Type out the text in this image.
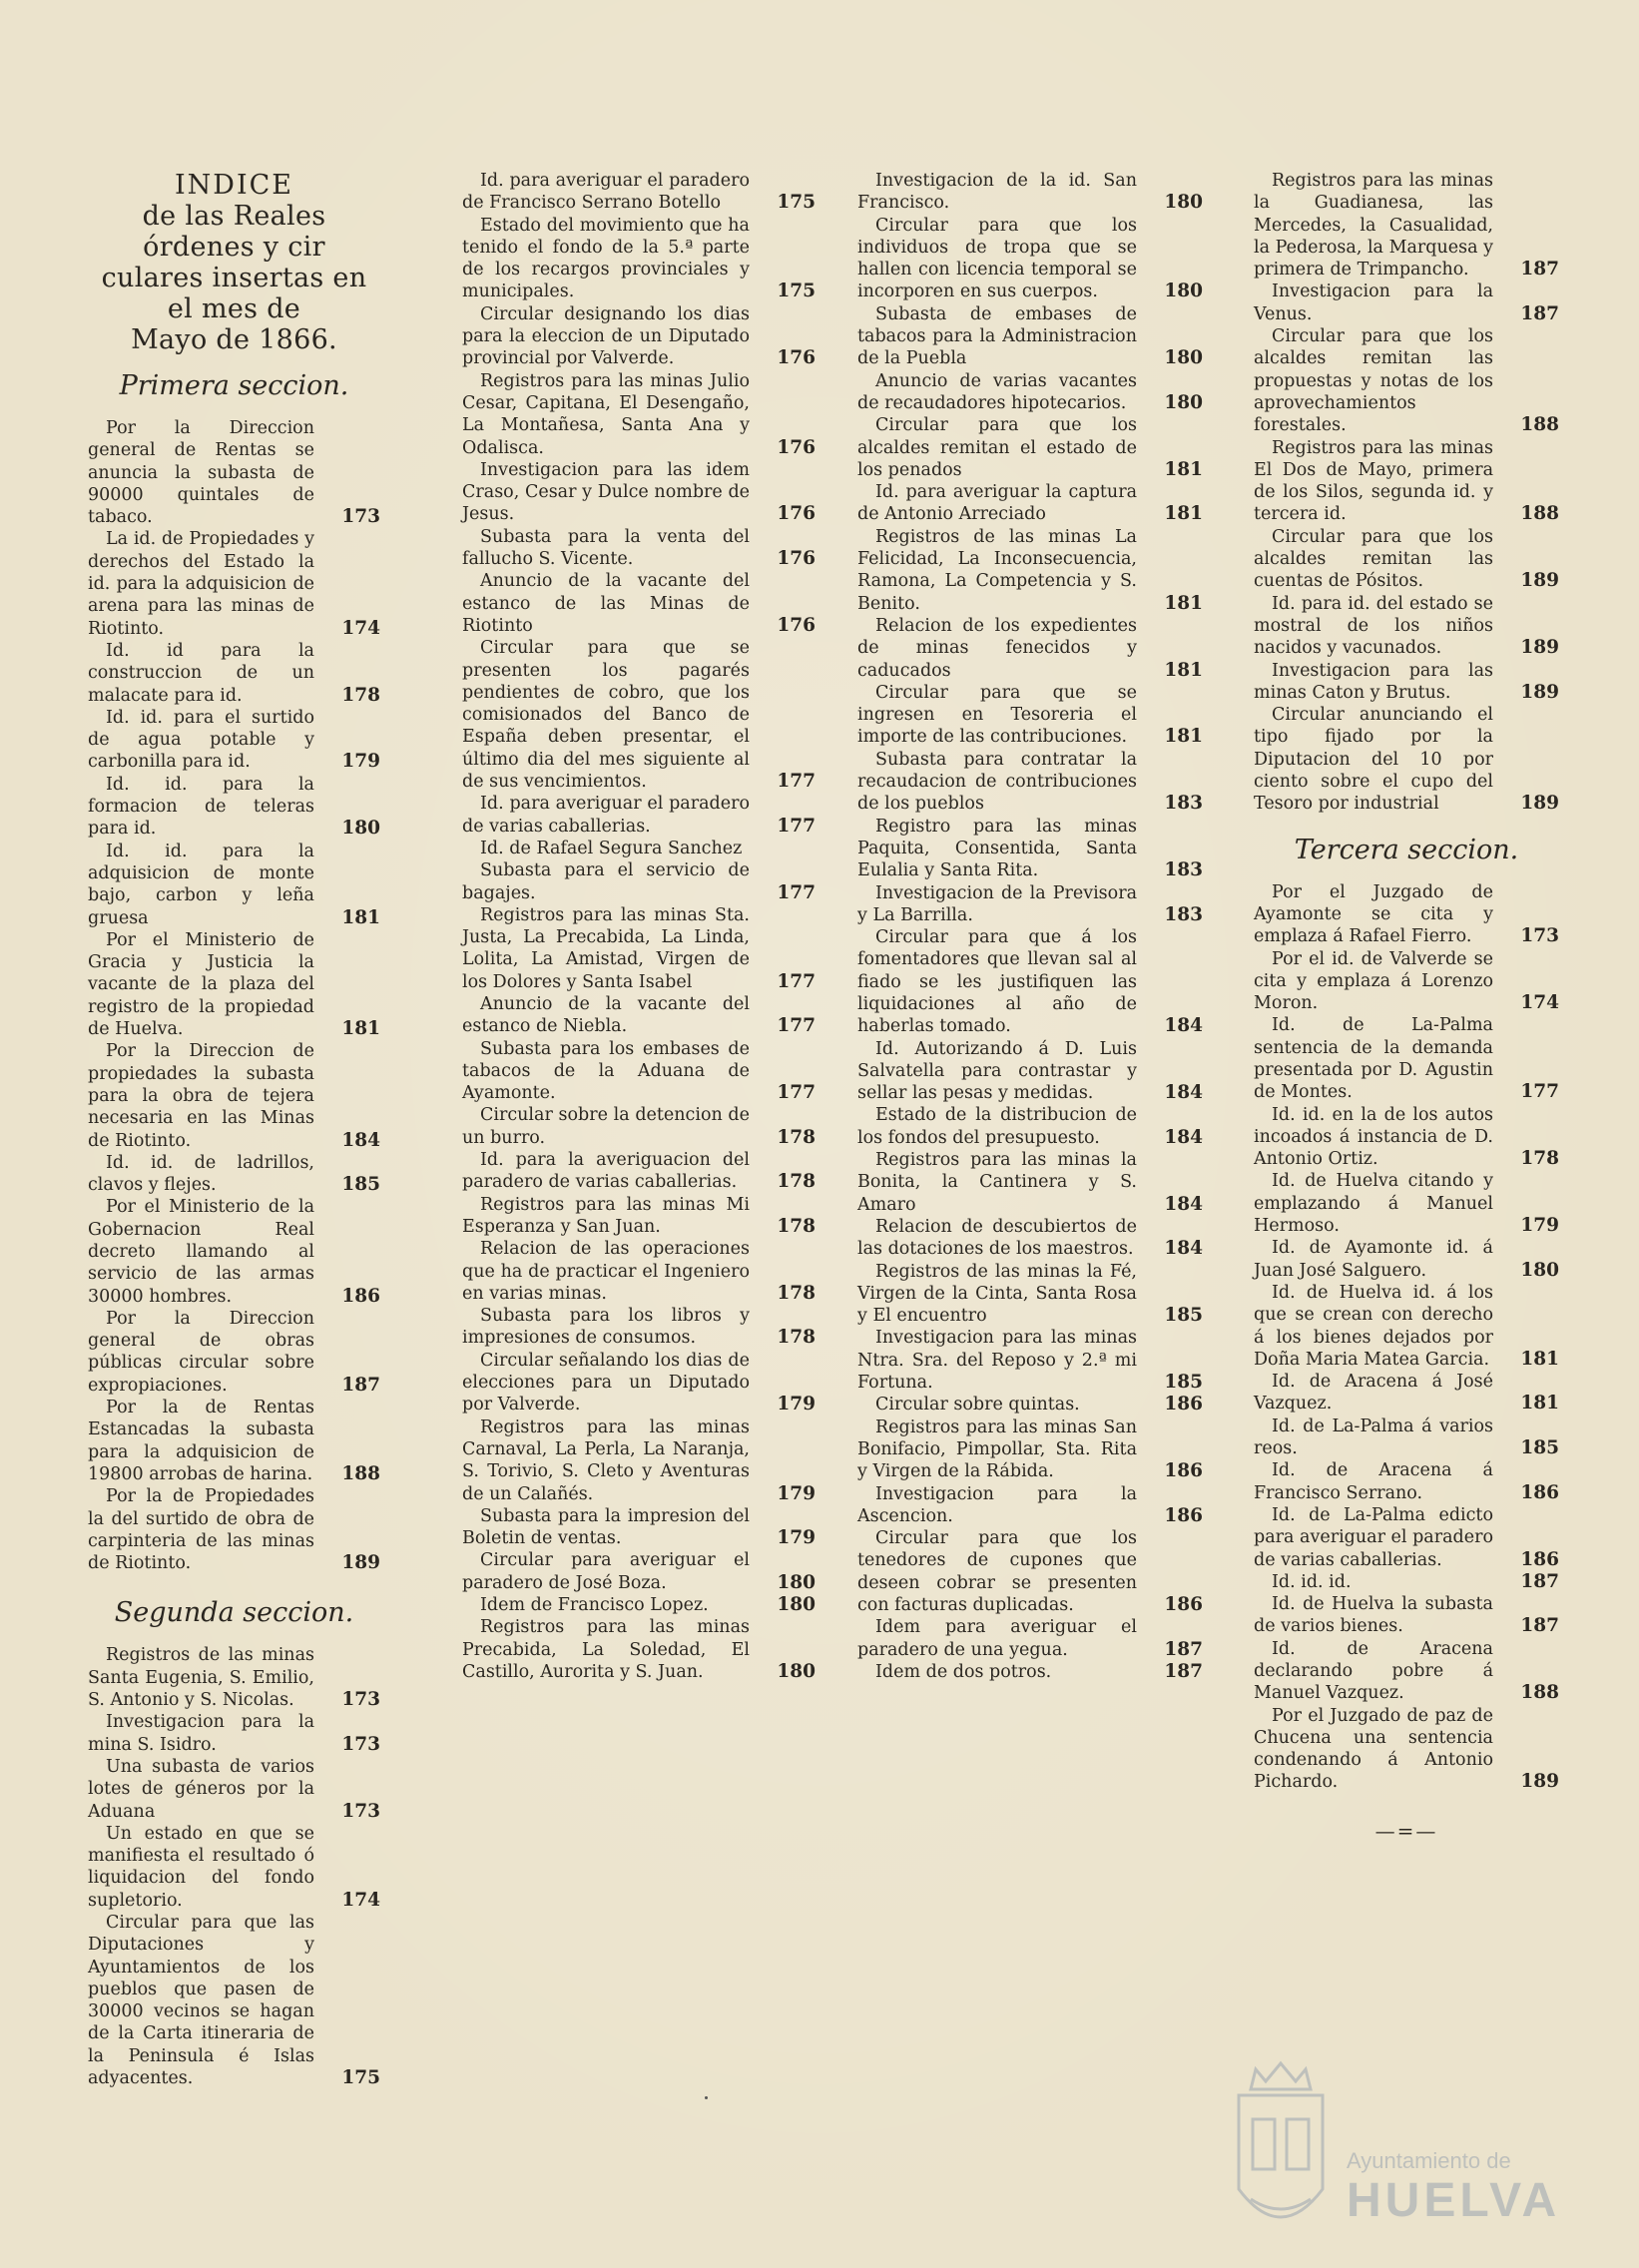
INDICE
de las Reales órdenes y cir
culares insertas en el mes de
Mayo de 1866.
Primera seccion.
Por la Direccion general de Rentas se anuncia la subasta de 90000 quintales de tabaco.	173
La id. de Propiedades y derechos del Estado la id. para la adquisicion de arena para las minas de Riotinto.	174
Id. id para la construccion de un malacate para id.	178
Id. id. para el surtido de agua potable y carbonilla para id.	179
Id. id. para la formacion de teleras para id.	180
Id. id. para la adquisicion de monte bajo, carbon y leña gruesa	181
Por el Ministerio de Gracia y Justicia la vacante de la plaza del registro de la propiedad de Huelva.	181
Por la Direccion de propiedades la subasta para la obra de tejera necesaria en las Minas de Riotinto.	184
Id. id. de ladrillos, clavos y flejes.	185
Por el Ministerio de la Gobernacion Real decreto llamando al servicio de las armas 30000 hombres.	186
Por la Direccion general de obras públicas circular sobre expropiaciones.	187
Por la de Rentas Estancadas la subasta para la adquisicion de 19800 arrobas de harina.	188
Por la de Propiedades la del surtido de obra de carpinteria de las minas de Riotinto.	189
Segunda seccion.
Registros de las minas Santa Eugenia, S. Emilio, S. Antonio y S. Nicolas.	173
Investigacion para la mina S. Isidro.	173
Una subasta de varios lotes de géneros por la Aduana	173
Un estado en que se manifiesta el resultado ó liquidacion del fondo supletorio.	174
Circular para que las Diputaciones y Ayuntamientos de los pueblos que pasen de 30000 vecinos se hagan de la Carta itineraria de la Peninsula é Islas adyacentes.	175
Id. para averiguar el paradero de Francisco Serrano Botello	175
Estado del movimiento que ha tenido el fondo de la 5.ª parte de los recargos provinciales y municipales.	175
Circular designando los dias para la eleccion de un Diputado provincial por Valverde.	176
Registros para las minas Julio Cesar, Capitana, El Desengaño, La Montañesa, Santa Ana y Odalisca.	176
Investigacion para las idem Craso, Cesar y Dulce nombre de Jesus.	176
Subasta para la venta del fallucho S. Vicente.	176
Anuncio de la vacante del estanco de las Minas de Riotinto	176
Circular para que se presenten los pagarés pendientes de cobro, que los comisionados del Banco de España deben presentar, el último dia del mes siguiente al de sus vencimientos.	177
Id. para averiguar el paradero de varias caballerias.	177
Id. de Rafael Segura Sanchez
Subasta para el servicio de bagajes.	177
Registros para las minas Sta. Justa, La Precabida, La Linda, Lolita, La Amistad, Virgen de los Dolores y Santa Isabel	177
Anuncio de la vacante del estanco de Niebla.	177
Subasta para los embases de tabacos de la Aduana de Ayamonte.	177
Circular sobre la detencion de un burro.	178
Id. para la averiguacion del paradero de varias caballerias.	178
Registros para las minas Mi Esperanza y San Juan.	178
Relacion de las operaciones que ha de practicar el Ingeniero en varias minas.	178
Subasta para los libros y impresiones de consumos.	178
Circular señalando los dias de elecciones para un Diputado por Valverde.	179
Registros para las minas Carnaval, La Perla, La Naranja, S. Torivio, S. Cleto y Aventuras de un Calañés.	179
Subasta para la impresion del Boletin de ventas.	179
Circular para averiguar el paradero de José Boza.	180
Idem de Francisco Lopez.	180
Registros para las minas Precabida, La Soledad, El Castillo, Aurorita y S. Juan.	180
Investigacion de la id. San Francisco.	180
Circular para que los individuos de tropa que se hallen con licencia temporal se incorporen en sus cuerpos.	180
Subasta de embases de tabacos para la Administracion de la Puebla	180
Anuncio de varias vacantes de recaudadores hipotecarios.	180
Circular para que los alcaldes remitan el estado de los penados	181
Id. para averiguar la captura de Antonio Arreciado	181
Registros de las minas La Felicidad, La Inconsecuencia, Ramona, La Competencia y S. Benito.	181
Relacion de los expedientes de minas fenecidos y caducados	181
Circular para que se ingresen en Tesoreria el importe de las contribuciones.	181
Subasta para contratar la recaudacion de contribuciones de los pueblos	183
Registro para las minas Paquita, Consentida, Santa Eulalia y Santa Rita.	183
Investigacion de la Previsora y La Barrilla.	183
Circular para que á los fomentadores que llevan sal al fiado se les justifiquen las liquidaciones al año de haberlas tomado.	184
Id. Autorizando á D. Luis Salvatella para contrastar y sellar las pesas y medidas.	184
Estado de la distribucion de los fondos del presupuesto.	184
Registros para las minas la Bonita, la Cantinera y S. Amaro	184
Relacion de descubiertos de las dotaciones de los maestros.	184
Registros de las minas la Fé, Virgen de la Cinta, Santa Rosa y El encuentro	185
Investigacion para las minas Ntra. Sra. del Reposo y 2.ª mi Fortuna.	185
Circular sobre quintas.	186
Registros para las minas San Bonifacio, Pimpollar, Sta. Rita y Virgen de la Rábida.	186
Investigacion para la Ascencion.	186
Circular para que los tenedores de cupones que deseen cobrar se presenten con facturas duplicadas.	186
Idem para averiguar el paradero de una yegua.	187
Idem de dos potros.	187
Registros para las minas la Guadianesa, las Mercedes, la Casualidad, la Pederosa, la Marquesa y primera de Trimpancho.	187
Investigacion para la Venus.	187
Circular para que los alcaldes remitan las propuestas y notas de los aprovechamientos forestales.	188
Registros para las minas El Dos de Mayo, primera de los Silos, segunda id. y tercera id.	188
Circular para que los alcaldes remitan las cuentas de Pósitos.	189
Id. para id. del estado se mostral de los niños nacidos y vacunados.	189
Investigacion para las minas Caton y Brutus.	189
Circular anunciando el tipo fijado por la Diputacion del 10 por ciento sobre el cupo del Tesoro por industrial	189
Tercera seccion.
Por el Juzgado de Ayamonte se cita y emplaza á Rafael Fierro.	173
Por el id. de Valverde se cita y emplaza á Lorenzo Moron.	174
Id. de La-Palma sentencia de la demanda presentada por D. Agustin de Montes.	177
Id. id. en la de los autos incoados á instancia de D. Antonio Ortiz.	178
Id. de Huelva citando y emplazando á Manuel Hermoso.	179
Id. de Ayamonte id. á Juan José Salguero.	180
Id. de Huelva id. á los que se crean con derecho á los bienes dejados por Doña Maria Matea Garcia.	181
Id. de Aracena á José Vazquez.	181
Id. de La-Palma á varios reos.	185
Id. de Aracena á Francisco Serrano.	186
Id. de La-Palma edicto para averiguar el paradero de varias caballerias.	186
Id. id. id.	187
Id. de Huelva la subasta de varios bienes.	187
Id. de Aracena declarando pobre á Manuel Vazquez.	188
Por el Juzgado de paz de Chucena una sentencia condenando á Antonio Pichardo.	189
—=—
Ayuntamiento de
HUELVA
